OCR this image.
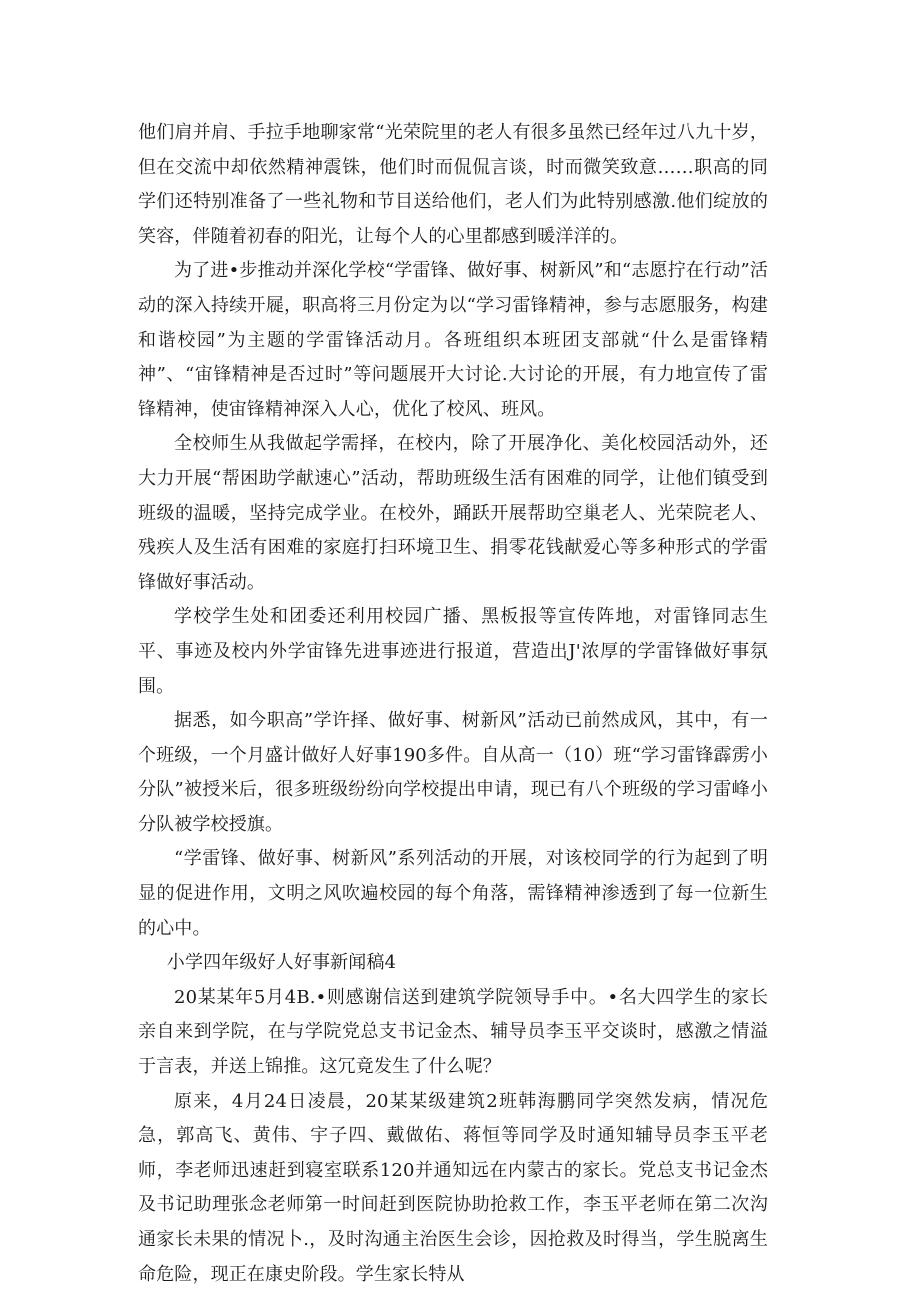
他们肩并肩、手拉手地聊家常“光荣院里的老人有很多虽然已经年过八九十岁，但在交流中却依然精神震铢，他们时而侃侃言谈，时而微笑致意……职高的同学们还特别准备了一些礼物和节目送给他们，老人们为此特别感激.他们绽放的笑容，伴随着初春的阳光，让每个人的心里都感到暖洋洋的。

为了进•步推动并深化学校“学雷锋、做好事、树新风”和“志愿拧在行动”活动的深入持续开屣，职高将三月份定为以“学习雷锋精神，参与志愿服务，构建和谐校园”为主题的学雷锋活动月。各班组织本班团支部就“什么是雷锋精神”、“宙锋精神是否过时”等问题展开大讨论.大讨论的开展，有力地宣传了雷锋精神，使宙锋精神深入人心，优化了校风、班风。

全校师生从我做起学需择，在校内，除了开展净化、美化校园活动外，还大力开展“帮困助学献速心”活动，帮助班级生活有困难的同学，让他们镇受到班级的温暖，坚持完成学业。在校外，踊跃开展帮助空巢老人、光荣院老人、残疾人及生活有困难的家庭打扫环境卫生、捐零花钱献爱心等多种形式的学雷锋做好事活动。

学校学生处和团委还利用校园广播、黑板报等宣传阵地，对雷锋同志生平、事迹及校内外学宙锋先进事迹进行报道，营造出J'浓厚的学雷锋做好事氛围。

据悉，如今职高”学许择、做好事、树新风”活动已前然成风，其中，有一个班级，一个月盛计做好人好事190多件。自从高一（10）班“学习雷锋霹雳小分队”被授米后，很多班级纷纷向学校提出申请，现已有八个班级的学习雷峰小分队被学校授旗。

“学雷锋、做好事、树新风”系列活动的开展，对该校同学的行为起到了明显的促进作用，文明之风吹遍校园的每个角落，需锋精神渗透到了每一位新生的心中。

小学四年级好人好事新闻稿4

20某某年5月4B.•则感谢信送到建筑学院领导手中。•名大四学生的家长亲自来到学院，在与学院党总支书记金杰、辅导员李玉平交谈时，感激之情溢于言表，并送上锦推。这冗竟发生了什么呢？

原来，4月24日凌晨，20某某级建筑2班韩海鹏同学突然发病，情况危急，郭高飞、黄伟、宇子四、戴做佑、蒋恒等同学及时通知辅导员李玉平老师，李老师迅速赶到寝室联系120并通知远在内蒙古的家长。党总支书记金杰及书记助理张念老师第一时间赶到医院协助抢救工作，李玉平老师在第二次沟通家长未果的情况卜.，及时沟通主治医生会诊，因抢救及时得当，学生脱离生命危险，现正在康史阶段。学生家长特从
